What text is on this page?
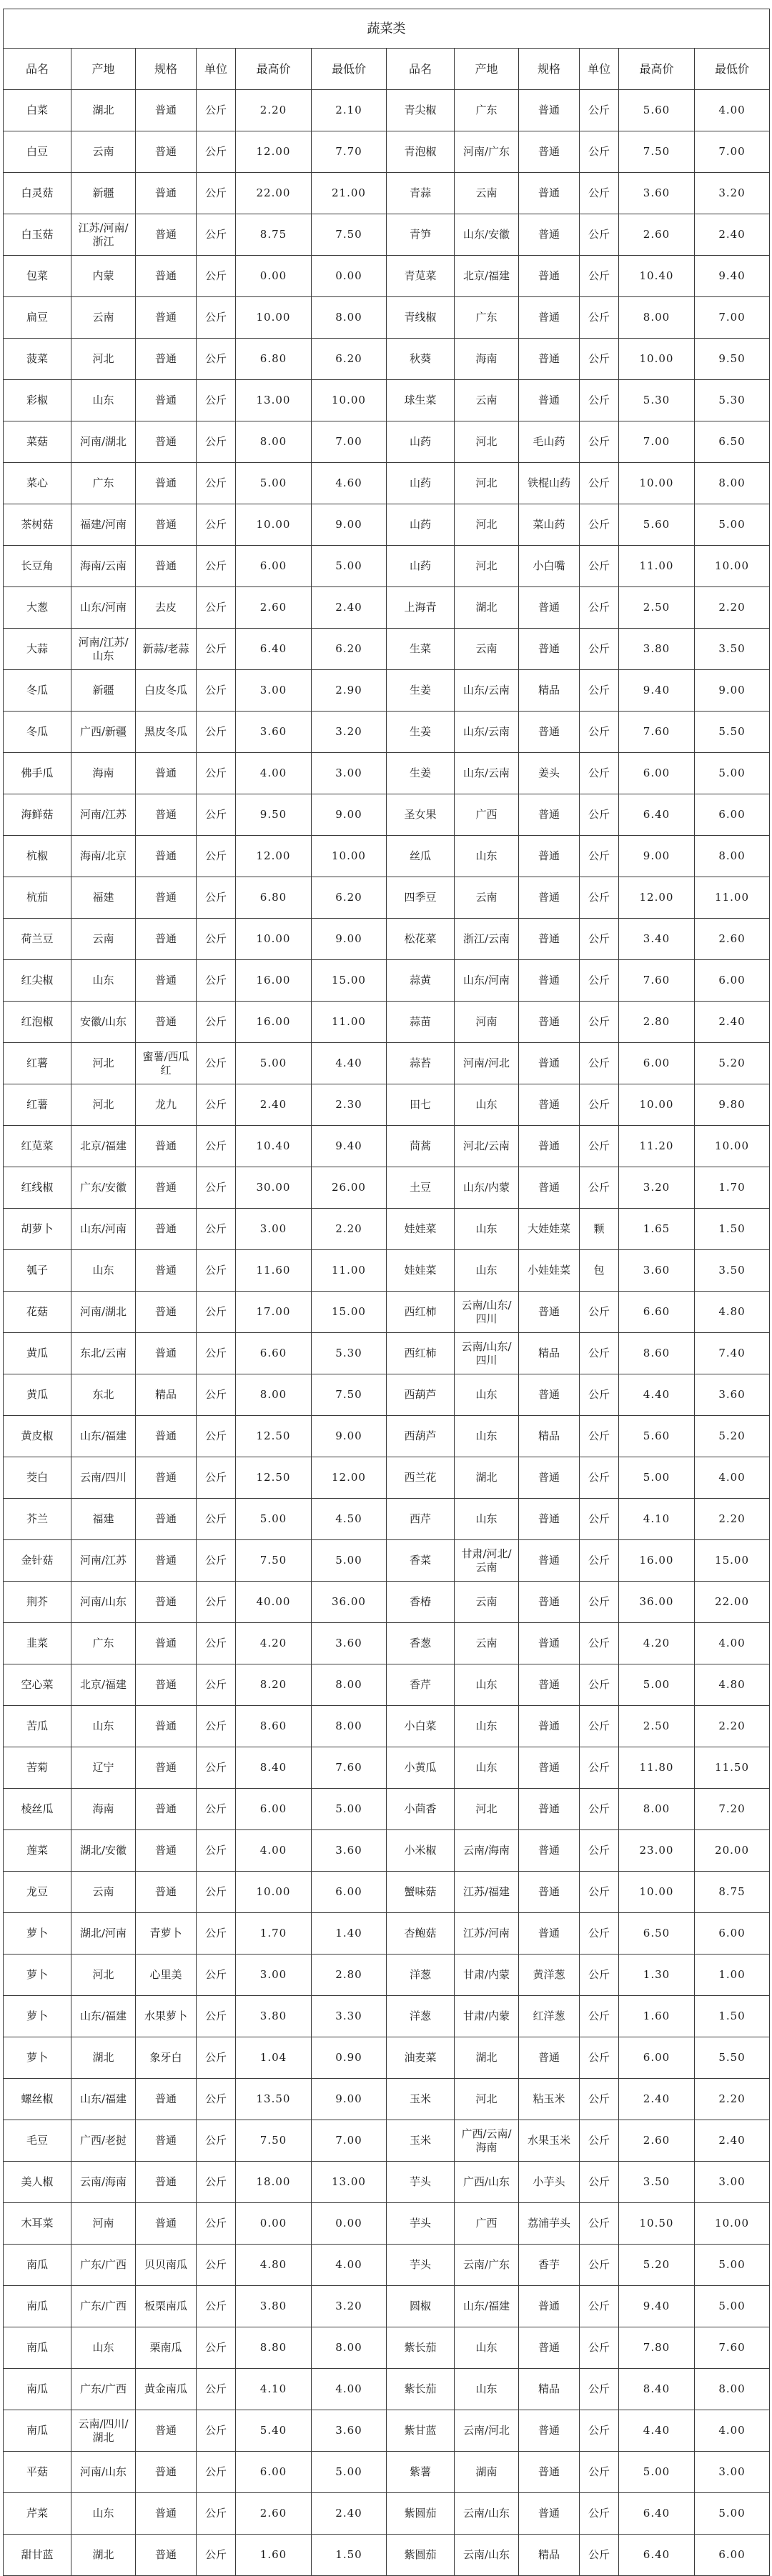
蔬菜类											
品名	产地	规格	单位	最高价	最低价	品名	产地	规格	单位	最高价	最低价
白菜	湖北	普通	公斤	2.20	2.10	青尖椒	广东	普通	公斤	5.60	4.00
白豆	云南	普通	公斤	12.00	7.70	青泡椒	河南/广东	普通	公斤	7.50	7.00
白灵菇	新疆	普通	公斤	22.00	21.00	青蒜	云南	普通	公斤	3.60	3.20
白玉菇	江苏/河南/浙江	普通	公斤	8.75	7.50	青笋	山东/安徽	普通	公斤	2.60	2.40
包菜	内蒙	普通	公斤	0.00	0.00	青苋菜	北京/福建	普通	公斤	10.40	9.40
扁豆	云南	普通	公斤	10.00	8.00	青线椒	广东	普通	公斤	8.00	7.00
菠菜	河北	普通	公斤	6.80	6.20	秋葵	海南	普通	公斤	10.00	9.50
彩椒	山东	普通	公斤	13.00	10.00	球生菜	云南	普通	公斤	5.30	5.30
菜菇	河南/湖北	普通	公斤	8.00	7.00	山药	河北	毛山药	公斤	7.00	6.50
菜心	广东	普通	公斤	5.00	4.60	山药	河北	铁棍山药	公斤	10.00	8.00
茶树菇	福建/河南	普通	公斤	10.00	9.00	山药	河北	菜山药	公斤	5.60	5.00
长豆角	海南/云南	普通	公斤	6.00	5.00	山药	河北	小白嘴	公斤	11.00	10.00
大葱	山东/河南	去皮	公斤	2.60	2.40	上海青	湖北	普通	公斤	2.50	2.20
大蒜	河南/江苏/山东	新蒜/老蒜	公斤	6.40	6.20	生菜	云南	普通	公斤	3.80	3.50
冬瓜	新疆	白皮冬瓜	公斤	3.00	2.90	生姜	山东/云南	精品	公斤	9.40	9.00
冬瓜	广西/新疆	黑皮冬瓜	公斤	3.60	3.20	生姜	山东/云南	普通	公斤	7.60	5.50
佛手瓜	海南	普通	公斤	4.00	3.00	生姜	山东/云南	姜头	公斤	6.00	5.00
海鲜菇	河南/江苏	普通	公斤	9.50	9.00	圣女果	广西	普通	公斤	6.40	6.00
杭椒	海南/北京	普通	公斤	12.00	10.00	丝瓜	山东	普通	公斤	9.00	8.00
杭茄	福建	普通	公斤	6.80	6.20	四季豆	云南	普通	公斤	12.00	11.00
荷兰豆	云南	普通	公斤	10.00	9.00	松花菜	浙江/云南	普通	公斤	3.40	2.60
红尖椒	山东	普通	公斤	16.00	15.00	蒜黄	山东/河南	普通	公斤	7.60	6.00
红泡椒	安徽/山东	普通	公斤	16.00	11.00	蒜苗	河南	普通	公斤	2.80	2.40
红薯	河北	蜜薯/西瓜红	公斤	5.00	4.40	蒜苔	河南/河北	普通	公斤	6.00	5.20
红薯	河北	龙九	公斤	2.40	2.30	田七	山东	普通	公斤	10.00	9.80
红苋菜	北京/福建	普通	公斤	10.40	9.40	茼蒿	河北/云南	普通	公斤	11.20	10.00
红线椒	广东/安徽	普通	公斤	30.00	26.00	土豆	山东/内蒙	普通	公斤	3.20	1.70
胡萝卜	山东/河南	普通	公斤	3.00	2.20	娃娃菜	山东	大娃娃菜	颗	1.65	1.50
瓠子	山东	普通	公斤	11.60	11.00	娃娃菜	山东	小娃娃菜	包	3.60	3.50
花菇	河南/湖北	普通	公斤	17.00	15.00	西红柿	云南/山东/四川	普通	公斤	6.60	4.80
黄瓜	东北/云南	普通	公斤	6.60	5.30	西红柿	云南/山东/四川	精品	公斤	8.60	7.40
黄瓜	东北	精品	公斤	8.00	7.50	西葫芦	山东	普通	公斤	4.40	3.60
黄皮椒	山东/福建	普通	公斤	12.50	9.00	西葫芦	山东	精品	公斤	5.60	5.20
茭白	云南/四川	普通	公斤	12.50	12.00	西兰花	湖北	普通	公斤	5.00	4.00
芥兰	福建	普通	公斤	5.00	4.50	西芹	山东	普通	公斤	4.10	2.20
金针菇	河南/江苏	普通	公斤	7.50	5.00	香菜	甘肃/河北/云南	普通	公斤	16.00	15.00
荆芥	河南/山东	普通	公斤	40.00	36.00	香椿	云南	普通	公斤	36.00	22.00
韭菜	广东	普通	公斤	4.20	3.60	香葱	云南	普通	公斤	4.20	4.00
空心菜	北京/福建	普通	公斤	8.20	8.00	香芹	山东	普通	公斤	5.00	4.80
苦瓜	山东	普通	公斤	8.60	8.00	小白菜	山东	普通	公斤	2.50	2.20
苦菊	辽宁	普通	公斤	8.40	7.60	小黄瓜	山东	普通	公斤	11.80	11.50
棱丝瓜	海南	普通	公斤	6.00	5.00	小茴香	河北	普通	公斤	8.00	7.20
莲菜	湖北/安徽	普通	公斤	4.00	3.60	小米椒	云南/海南	普通	公斤	23.00	20.00
龙豆	云南	普通	公斤	10.00	6.00	蟹味菇	江苏/福建	普通	公斤	10.00	8.75
萝卜	湖北/河南	青萝卜	公斤	1.70	1.40	杏鲍菇	江苏/河南	普通	公斤	6.50	6.00
萝卜	河北	心里美	公斤	3.00	2.80	洋葱	甘肃/内蒙	黄洋葱	公斤	1.30	1.00
萝卜	山东/福建	水果萝卜	公斤	3.80	3.30	洋葱	甘肃/内蒙	红洋葱	公斤	1.60	1.50
萝卜	湖北	象牙白	公斤	1.04	0.90	油麦菜	湖北	普通	公斤	6.00	5.50
螺丝椒	山东/福建	普通	公斤	13.50	9.00	玉米	河北	粘玉米	公斤	2.40	2.20
毛豆	广西/老挝	普通	公斤	7.50	7.00	玉米	广西/云南/海南	水果玉米	公斤	2.60	2.40
美人椒	云南/海南	普通	公斤	18.00	13.00	芋头	广西/山东	小芋头	公斤	3.50	3.00
木耳菜	河南	普通	公斤	0.00	0.00	芋头	广西	荔浦芋头	公斤	10.50	10.00
南瓜	广东/广西	贝贝南瓜	公斤	4.80	4.00	芋头	云南/广东	香芋	公斤	5.20	5.00
南瓜	广东/广西	板栗南瓜	公斤	3.80	3.20	圆椒	山东/福建	普通	公斤	9.40	5.00
南瓜	山东	栗南瓜	公斤	8.80	8.00	紫长茄	山东	普通	公斤	7.80	7.60
南瓜	广东/广西	黄金南瓜	公斤	4.10	4.00	紫长茄	山东	精品	公斤	8.40	8.00
南瓜	云南/四川/湖北	普通	公斤	5.40	3.60	紫甘蓝	云南/河北	普通	公斤	4.40	4.00
平菇	河南/山东	普通	公斤	6.00	5.00	紫薯	湖南	普通	公斤	5.00	3.00
芹菜	山东	普通	公斤	2.60	2.40	紫圆茄	云南/山东	普通	公斤	6.40	5.00
甜甘蓝	湖北	普通	公斤	1.60	1.50	紫圆茄	云南/山东	精品	公斤	6.40	6.00
